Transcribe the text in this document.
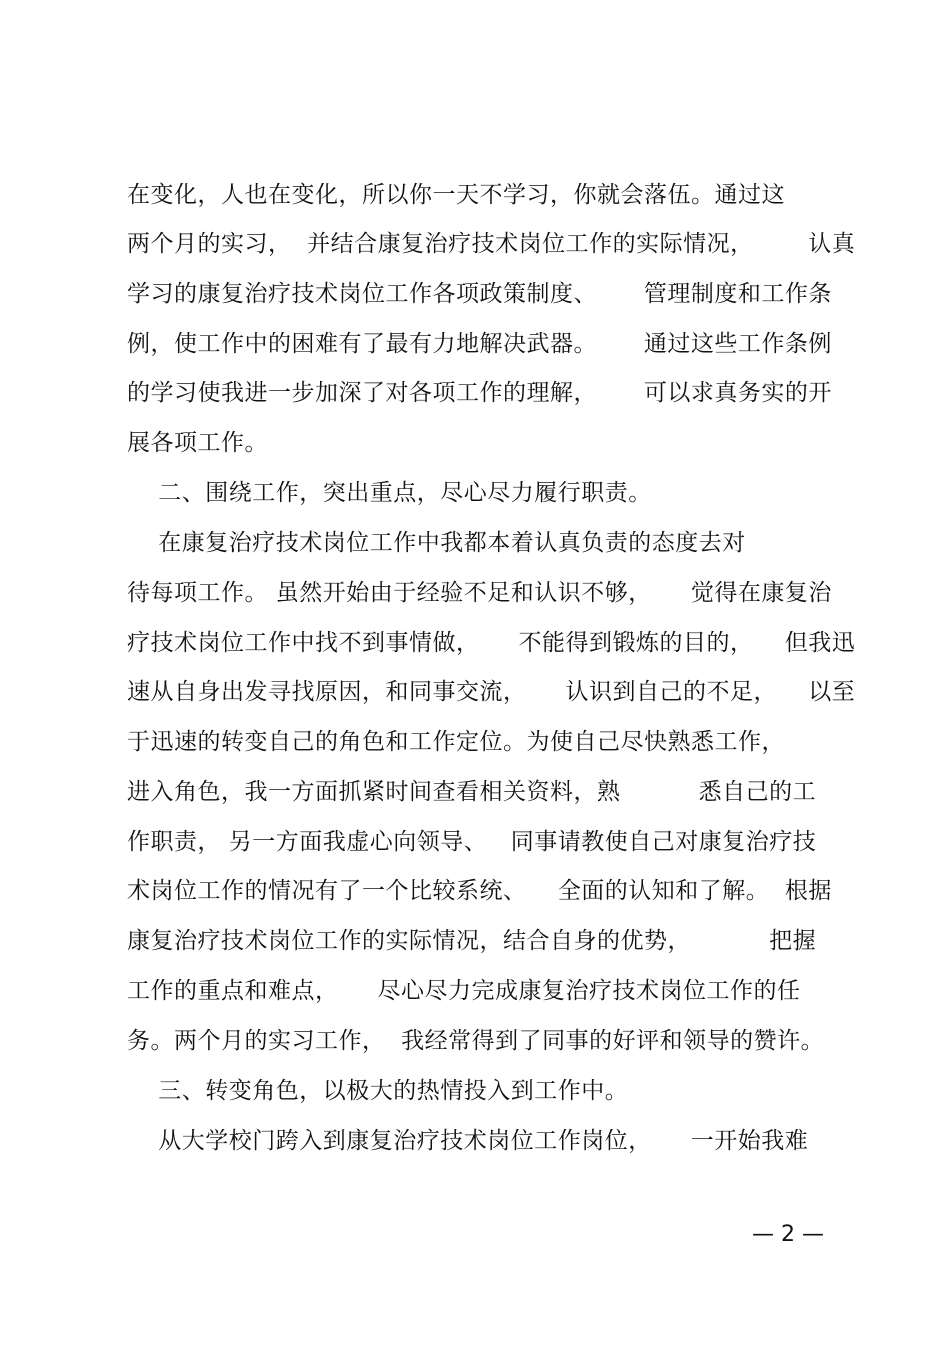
在变化，人也在变化，所以你一天不学习，你就会落伍。通过这
两个月的实习，  并结合康复治疗技术岗位工作的实际情况，       认真
学习的康复治疗技术岗位工作各项政策制度、      管理制度和工作条
例，使工作中的困难有了最有力地解决武器。      通过这些工作条例
的学习使我进一步加深了对各项工作的理解，      可以求真务实的开
展各项工作。
二、围绕工作，突出重点，尽心尽力履行职责。
在康复治疗技术岗位工作中我都本着认真负责的态度去对
待每项工作。 虽然开始由于经验不足和认识不够，     觉得在康复治
疗技术岗位工作中找不到事情做，     不能得到锻炼的目的，    但我迅
速从自身出发寻找原因，和同事交流，     认识到自己的不足，    以至
于迅速的转变自己的角色和工作定位。为使自己尽快熟悉工作，
进入角色，我一方面抓紧时间查看相关资料，熟          悉自己的工
作职责， 另一方面我虚心向领导、   同事请教使自己对康复治疗技
术岗位工作的情况有了一个比较系统、    全面的认知和了解。  根据
康复治疗技术岗位工作的实际情况，结合自身的优势，          把握
工作的重点和难点，     尽心尽力完成康复治疗技术岗位工作的任
务。两个月的实习工作，  我经常得到了同事的好评和领导的赞许。
三、转变角色，以极大的热情投入到工作中。
从大学校门跨入到康复治疗技术岗位工作岗位，     一开始我难
— 2 —
